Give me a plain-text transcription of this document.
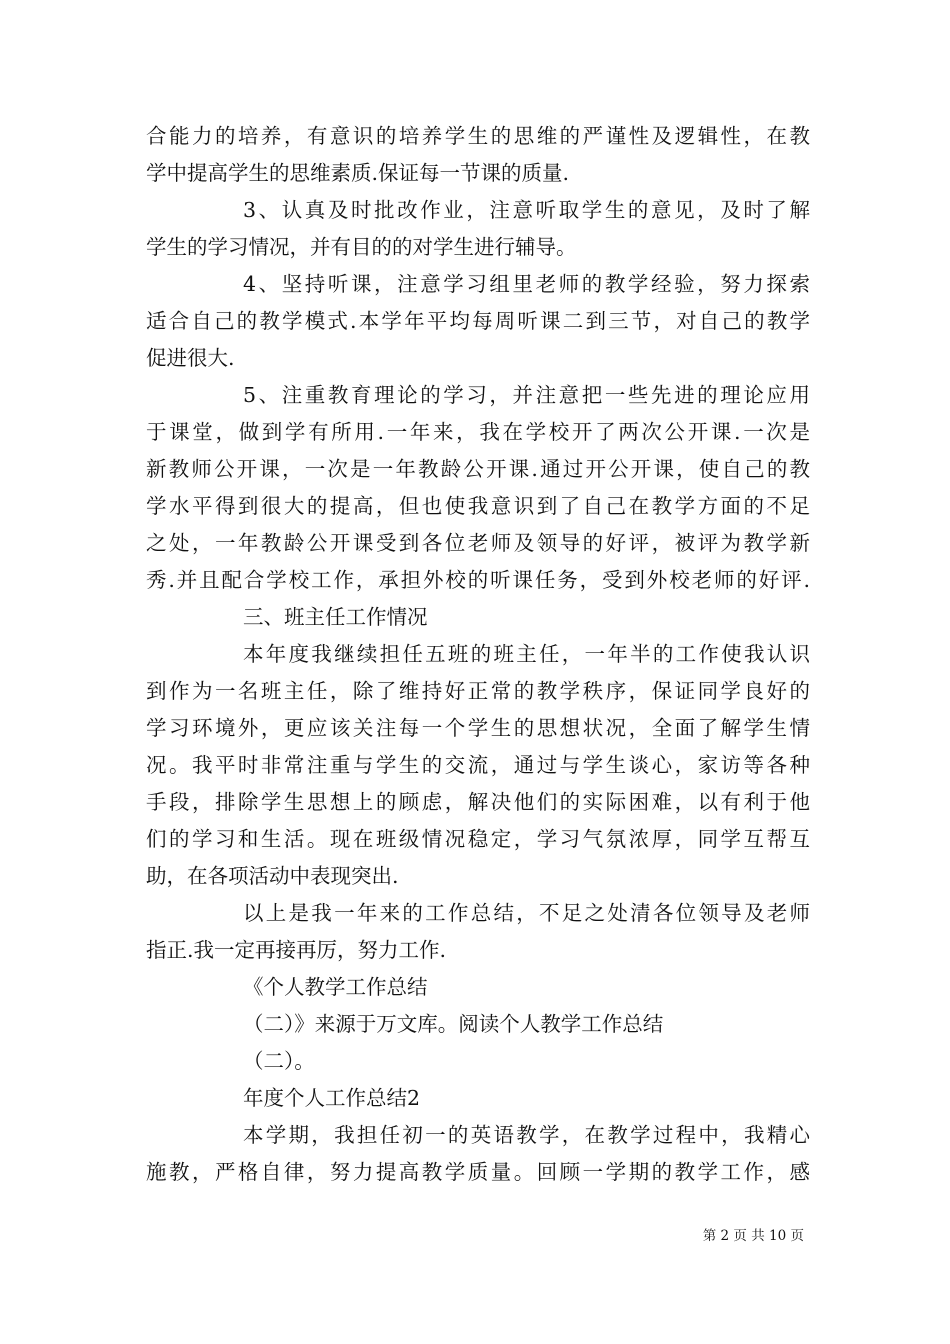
合能力的培养，有意识的培养学生的思维的严谨性及逻辑性，在教
学中提高学生的思维素质.保证每一节课的质量.
3、认真及时批改作业，注意听取学生的意见，及时了解
学生的学习情况，并有目的的对学生进行辅导。
4、坚持听课，注意学习组里老师的教学经验，努力探索
适合自己的教学模式.本学年平均每周听课二到三节，对自己的教学
促进很大.
5、注重教育理论的学习，并注意把一些先进的理论应用
于课堂，做到学有所用.一年来，我在学校开了两次公开课.一次是
新教师公开课，一次是一年教龄公开课.通过开公开课，使自己的教
学水平得到很大的提高，但也使我意识到了自己在教学方面的不足
之处，一年教龄公开课受到各位老师及领导的好评，被评为教学新
秀.并且配合学校工作，承担外校的听课任务，受到外校老师的好评.
三、班主任工作情况
本年度我继续担任五班的班主任，一年半的工作使我认识
到作为一名班主任，除了维持好正常的教学秩序，保证同学良好的
学习环境外，更应该关注每一个学生的思想状况，全面了解学生情
况。我平时非常注重与学生的交流，通过与学生谈心，家访等各种
手段，排除学生思想上的顾虑，解决他们的实际困难，以有利于他
们的学习和生活。现在班级情况稳定，学习气氛浓厚，同学互帮互
助，在各项活动中表现突出.
以上是我一年来的工作总结，不足之处清各位领导及老师
指正.我一定再接再厉，努力工作.
《个人教学工作总结
（二）》来源于万文库。阅读个人教学工作总结
（二）。
年度个人工作总结2
本学期，我担任初一的英语教学，在教学过程中，我精心
施教，严格自律，努力提高教学质量。回顾一学期的教学工作，感
第 2 页 共 10 页
